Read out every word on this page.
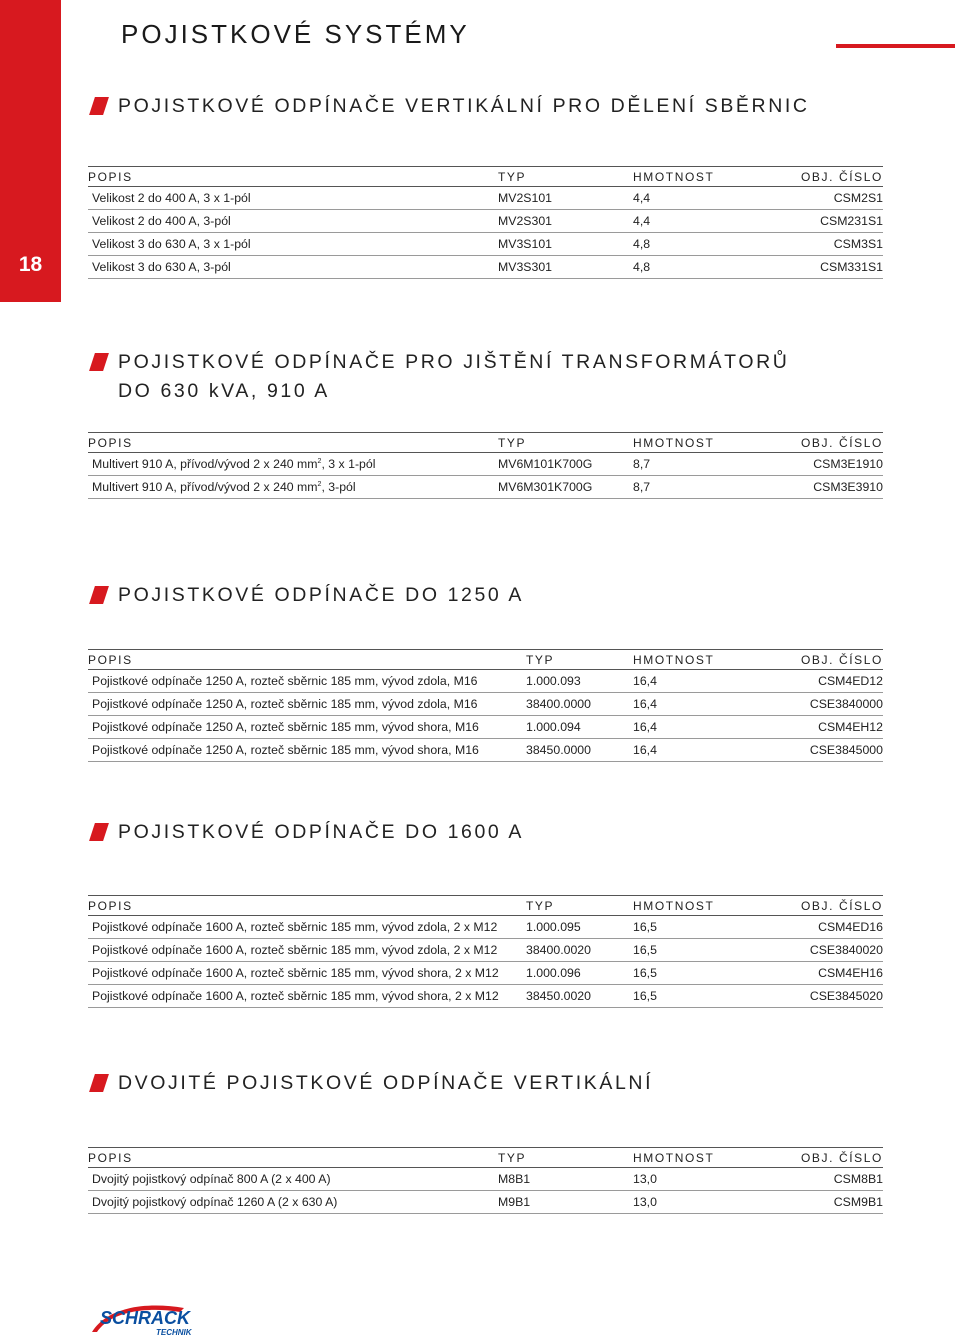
18
POJISTKOVÉ SYSTÉMY
POJISTKOVÉ ODPÍNAČE VERTIKÁLNÍ PRO DĚLENÍ SBĚRNIC
POPIS	TYP	HMOTNOST	OBJ. ČÍSLO
Velikost 2 do 400 A, 3 x 1-pól	MV2S101	4,4	CSM2S1
Velikost 2 do 400 A, 3-pól	MV2S301	4,4	CSM231S1
Velikost 3 do 630 A, 3 x 1-pól	MV3S101	4,8	CSM3S1
Velikost 3 do 630 A, 3-pól	MV3S301	4,8	CSM331S1
POJISTKOVÉ ODPÍNAČE PRO JIŠTĚNÍ TRANSFORMÁTORŮ
DO 630 kVA, 910 A
POPIS	TYP	HMOTNOST	OBJ. ČÍSLO
Multivert 910 A, přívod/vývod 2 x 240 $mm^2$, 3 x 1-pól	MV6M101K700G	8,7	CSM3E1910
Multivert 910 A, přívod/vývod 2 x 240 $mm^2$, 3-pól	MV6M301K700G	8,7	CSM3E3910
POJISTKOVÉ ODPÍNAČE DO 1250 A
POPIS	TYP	HMOTNOST	OBJ. ČÍSLO
Pojistkové odpínače 1250 A, rozteč sběrnic 185 mm, vývod zdola, M16	1.000.093	16,4	CSM4ED12
Pojistkové odpínače 1250 A, rozteč sběrnic 185 mm, vývod zdola, M16	38400.0000	16,4	CSE3840000
Pojistkové odpínače 1250 A, rozteč sběrnic 185 mm, vývod shora, M16	1.000.094	16,4	CSM4EH12
Pojistkové odpínače 1250 A, rozteč sběrnic 185 mm, vývod shora, M16	38450.0000	16,4	CSE3845000
POJISTKOVÉ ODPÍNAČE DO 1600 A
POPIS	TYP	HMOTNOST	OBJ. ČÍSLO
Pojistkové odpínače 1600 A, rozteč sběrnic 185 mm, vývod zdola, 2 x M12	1.000.095	16,5	CSM4ED16
Pojistkové odpínače 1600 A, rozteč sběrnic 185 mm, vývod zdola, 2 x M12	38400.0020	16,5	CSE3840020
Pojistkové odpínače 1600 A, rozteč sběrnic 185 mm, vývod shora, 2 x M12	1.000.096	16,5	CSM4EH16
Pojistkové odpínače 1600 A, rozteč sběrnic 185 mm, vývod shora, 2 x M12	38450.0020	16,5	CSE3845020
DVOJITÉ POJISTKOVÉ ODPÍNAČE VERTIKÁLNÍ
POPIS	TYP	HMOTNOST	OBJ. ČÍSLO
Dvojitý pojistkový odpínač 800 A (2 x 400 A)	M8B1	13,0	CSM8B1
Dvojitý pojistkový odpínač 1260 A (2 x 630 A)	M9B1	13,0	CSM9B1
SCHRACK
TECHNIK
